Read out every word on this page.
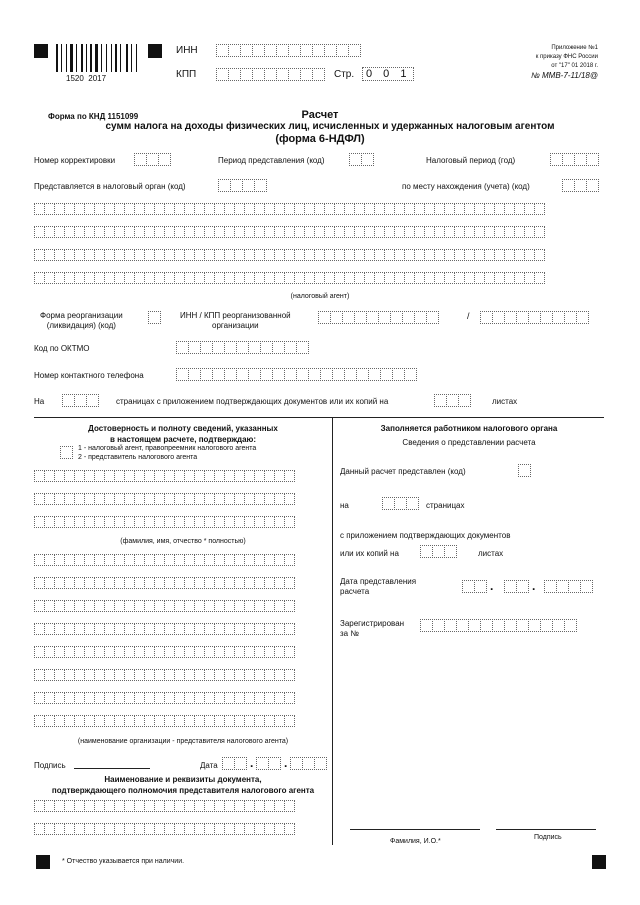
1520  2017
ИНН
КПП	Стр.	0 0 1
Приложение №1
к приказу ФНС России
от "17" 01 2018 г.
№ ММВ-7-11/18@
Форма по КНД 1151099	Расчет
сумм налога на доходы физических лиц, исчисленных и удержанных налоговым агентом
(форма 6-НДФЛ)
Номер корректировки	Период представления (код)	Налоговый период (год)
Представляется в налоговый орган (код)	по месту нахождения (учета) (код)
(налоговый агент)
Форма реорганизации
(ликвидация) (код)
ИНН / КПП реорганизованной
организации
/
Код по ОКТМО
Номер контактного телефона
На	страницах с приложением подтверждающих документов или их копий на	листах
Достоверность и полноту сведений, указанных
в настоящем расчете, подтверждаю:
1 - налоговый агент, правопреемник налогового агента
2 - представитель налогового агента
(фамилия, имя, отчество * полностью)
(наименование организации - представителя налогового агента)
Подпись	Дата	.	.
Наименование и реквизиты документа,
подтверждающего полномочия представителя налогового агента
Заполняется работником налогового органа
Сведения о представлении расчета
Данный расчет представлен (код)
на	страницах
с приложением подтверждающих документов
или их копий на	листах
Дата представления
расчета	.	.
Зарегистрирован
за №
Фамилия, И.О.*
Подпись
* Отчество указывается при наличии.
